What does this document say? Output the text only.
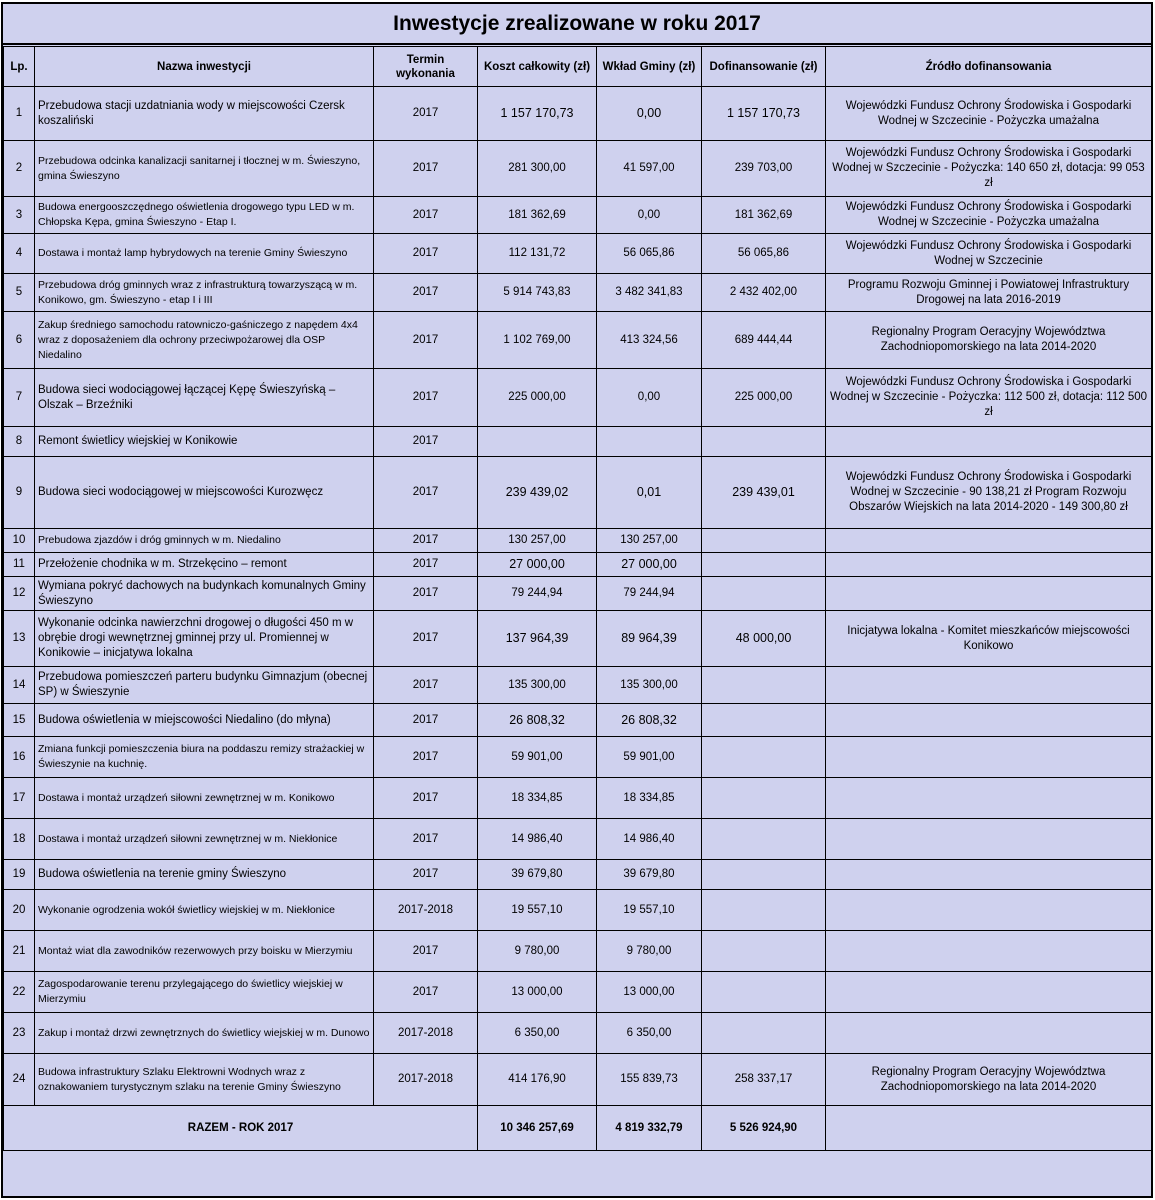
Inwestycje zrealizowane w roku 2017
Lp.	Nazwa inwestycji	Termin wykonania	Koszt całkowity (zł)	Wkład Gminy (zł)	Dofinansowanie (zł)	Źródło dofinansowania
1	Przebudowa stacji uzdatniania wody w miejscowości Czersk koszaliński	2017	1 157 170,73	0,00	1 157 170,73	Wojewódzki Fundusz Ochrony Środowiska i Gospodarki Wodnej w Szczecinie - Pożyczka umażalna
2	Przebudowa odcinka kanalizacji sanitarnej i tłocznej w m. Świeszyno, gmina Świeszyno	2017	281 300,00	41 597,00	239 703,00	Wojewódzki Fundusz Ochrony Środowiska i Gospodarki Wodnej w Szczecinie - Pożyczka: 140 650 zł, dotacja: 99 053 zł
3	Budowa energooszczędnego oświetlenia drogowego typu LED w m. Chłopska Kępa, gmina Świeszyno - Etap I.	2017	181 362,69	0,00	181 362,69	Wojewódzki Fundusz Ochrony Środowiska i Gospodarki Wodnej w Szczecinie - Pożyczka umażalna
4	Dostawa i montaż lamp hybrydowych na terenie Gminy Świeszyno	2017	112 131,72	56 065,86	56 065,86	Wojewódzki Fundusz Ochrony Środowiska i Gospodarki Wodnej w Szczecinie
5	Przebudowa dróg gminnych wraz z infrastrukturą towarzyszącą w m. Konikowo, gm. Świeszyno - etap I i III	2017	5 914 743,83	3 482 341,83	2 432 402,00	Programu Rozwoju Gminnej i Powiatowej Infrastruktury Drogowej na lata 2016-2019
6	Zakup średniego samochodu ratowniczo-gaśniczego z napędem 4x4 wraz z doposażeniem dla ochrony przeciwpożarowej dla OSP Niedalino	2017	1 102 769,00	413 324,56	689 444,44	Regionalny Program Oeracyjny Województwa Zachodniopomorskiego na lata 2014-2020
7	Budowa sieci wodociągowej łączącej Kępę Świeszyńską – Olszak – Brzeźniki	2017	225 000,00	0,00	225 000,00	Wojewódzki Fundusz Ochrony Środowiska i Gospodarki Wodnej w Szczecinie - Pożyczka: 112 500 zł, dotacja: 112 500 zł
8	Remont świetlicy wiejskiej w Konikowie	2017				
9	Budowa sieci wodociągowej w miejscowości Kurozwęcz	2017	239 439,02	0,01	239 439,01	Wojewódzki Fundusz Ochrony Środowiska i Gospodarki Wodnej w Szczecinie - 90 138,21 zł Program Rozwoju Obszarów Wiejskich na lata 2014-2020 - 149 300,80 zł
10	Prebudowa zjazdów i dróg gminnych w m. Niedalino	2017	130 257,00	130 257,00		
11	Przełożenie chodnika w m. Strzekęcino – remont	2017	27 000,00	27 000,00		
12	Wymiana pokryć dachowych na budynkach komunalnych Gminy Świeszyno	2017	79 244,94	79 244,94		
13	Wykonanie odcinka nawierzchni drogowej o długości 450 m w obrębie drogi wewnętrznej gminnej przy ul. Promiennej w Konikowie – inicjatywa lokalna	2017	137 964,39	89 964,39	48 000,00	Inicjatywa lokalna - Komitet mieszkańców miejscowości Konikowo
14	Przebudowa pomieszczeń parteru budynku Gimnazjum (obecnej SP) w Świeszynie	2017	135 300,00	135 300,00		
15	Budowa oświetlenia w miejscowości Niedalino (do młyna)	2017	26 808,32	26 808,32		
16	Zmiana funkcji pomieszczenia biura na poddaszu remizy strażackiej w Świeszynie na kuchnię.	2017	59 901,00	59 901,00		
17	Dostawa i montaż urządzeń siłowni zewnętrznej w m. Konikowo	2017	18 334,85	18 334,85		
18	Dostawa i montaż urządzeń siłowni zewnętrznej w m. Niekłonice	2017	14 986,40	14 986,40		
19	Budowa oświetlenia na terenie gminy Świeszyno	2017	39 679,80	39 679,80		
20	Wykonanie ogrodzenia wokół świetlicy wiejskiej w m. Niekłonice	2017-2018	19 557,10	19 557,10		
21	Montaż wiat dla zawodników rezerwowych przy boisku w Mierzymiu	2017	9 780,00	9 780,00		
22	Zagospodarowanie terenu przylegającego do świetlicy wiejskiej w Mierzymiu	2017	13 000,00	13 000,00		
23	Zakup i montaż drzwi zewnętrznych do świetlicy wiejskiej w m. Dunowo	2017-2018	6 350,00	6 350,00		
24	Budowa infrastruktury Szlaku Elektrowni Wodnych wraz z oznakowaniem turystycznym szlaku na terenie Gminy Świeszyno	2017-2018	414 176,90	155 839,73	258 337,17	Regionalny Program Oeracyjny Województwa Zachodniopomorskiego na lata 2014-2020
RAZEM - ROK 2017			10 346 257,69	4 819 332,79	5 526 924,90	
